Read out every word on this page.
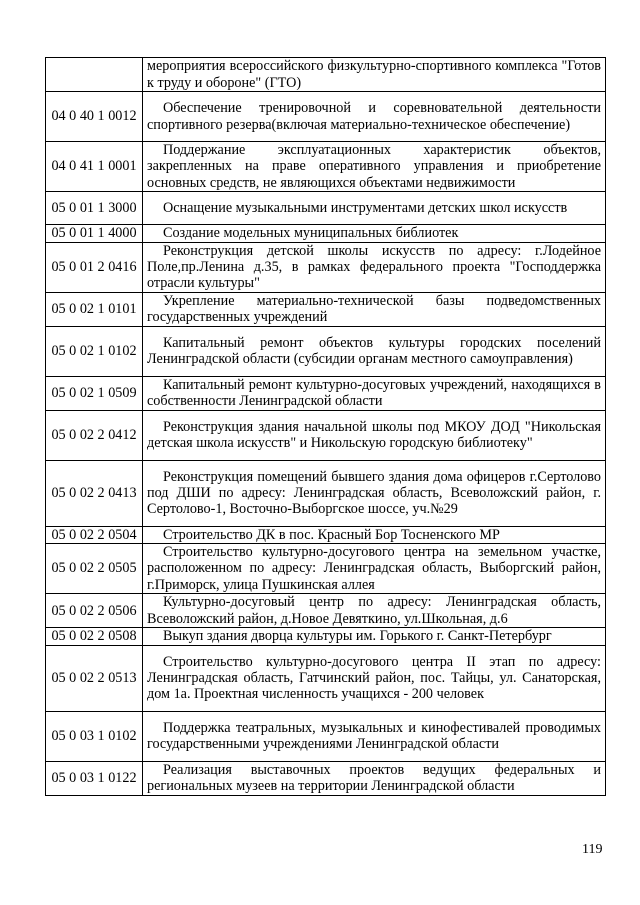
	мероприятия всероссийского физкультурно-спортивного комплекса "Готов к труду и обороне" (ГТО)
04 0 40 1 0012	Обеспечение тренировочной и соревновательной деятельности спортивного резерва(включая материально-техническое обеспечение)
04 0 41 1 0001	Поддержание эксплуатационных характеристик объектов, закрепленных на праве оперативного управления и приобретение основных средств, не являющихся объектами недвижимости
05 0 01 1 3000	Оснащение музыкальными инструментами детских школ искусств
05 0 01 1 4000	Создание модельных муниципальных библиотек
05 0 01 2 0416	Реконструкция детской школы искусств по адресу: г.Лодейное Поле,пр.Ленина д.35, в рамках федерального проекта "Господдержка отрасли культуры"
05 0 02 1 0101	Укрепление материально-технической базы подведомственных государственных учреждений
05 0 02 1 0102	Капитальный ремонт объектов культуры городских поселений Ленинградской области (субсидии органам местного самоуправления)
05 0 02 1 0509	Капитальный ремонт культурно-досуговых учреждений, находящихся в собственности Ленинградской области
05 0 02 2 0412	Реконструкция здания начальной школы под МКОУ ДОД "Никольская детская школа искусств" и Никольскую городскую библиотеку"
05 0 02 2 0413	Реконструкция помещений бывшего здания дома офицеров г.Сертолово под ДШИ по адресу: Ленинградская область, Всеволожский район, г. Сертолово-1, Восточно-Выборгское шоссе, уч.№29
05 0 02 2 0504	Строительство ДК в пос. Красный Бор Тосненского МР
05 0 02 2 0505	Строительство культурно-досугового центра на земельном участке, расположенном по адресу: Ленинградская область, Выборгский район, г.Приморск, улица Пушкинская аллея
05 0 02 2 0506	Культурно-досуговый центр по адресу: Ленинградская область, Всеволожский район, д.Новое Девяткино, ул.Школьная, д.6
05 0 02 2 0508	Выкуп здания дворца культуры им. Горького г. Санкт-Петербург
05 0 02 2 0513	Строительство культурно-досугового центра II этап по адресу: Ленинградская область, Гатчинский район, пос. Тайцы, ул. Санаторская, дом 1а. Проектная численность учащихся - 200 человек
05 0 03 1 0102	Поддержка театральных, музыкальных и кинофестивалей проводимых государственными учреждениями Ленинградской области
05 0 03 1 0122	Реализация выставочных проектов ведущих федеральных и региональных музеев на территории Ленинградской области
119
